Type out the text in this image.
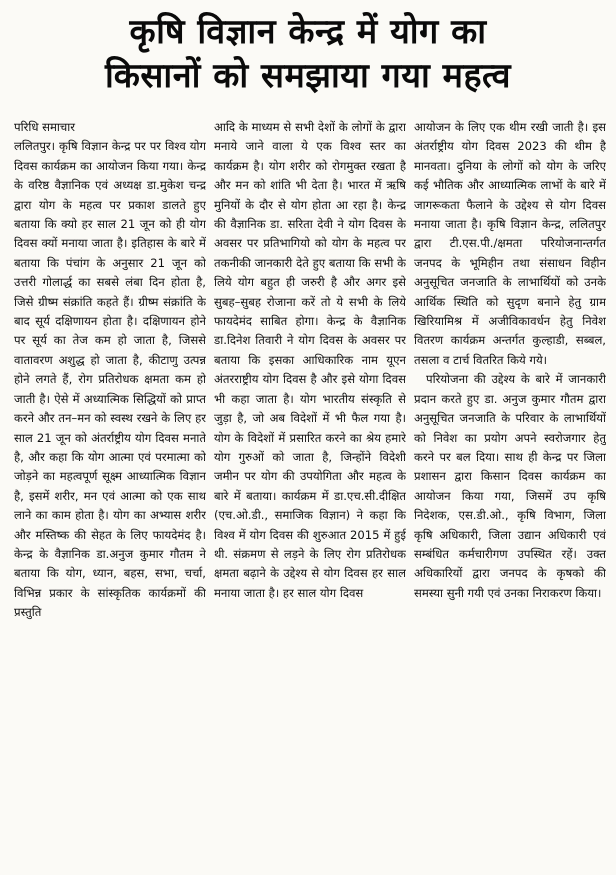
कृषि विज्ञान केन्द्र में योग का
किसानों को समझाया गया महत्व
परिधि समाचार

ललितपुर। कृषि विज्ञान केन्द्र पर पर विश्व योग दिवस कार्यक्रम का आयोजन किया गया। केन्द्र के वरिष्ठ वैज्ञानिक एवं अध्यक्ष डा.मुकेश चन्द्र द्वारा योग के महत्व पर प्रकाश डालते हुए बताया कि क्यो हर साल 21 जून को ही योग दिवस क्यों मनाया जाता है। इतिहास के बारे में बताया कि पंचांग के अनुसार 21 जून को उत्तरी गोलार्द्ध का सबसे लंबा दिन होता है, जिसे ग्रीष्म संक्रांति कहते हैं। ग्रीष्म संक्रांति के बाद सूर्य दक्षिणायन होता है। दक्षिणायन होने पर सूर्य का तेज कम हो जाता है, जिससे वातावरण अशुद्ध हो जाता है, कीटाणु उत्पन्न होने लगते हैं, रोग प्रतिरोधक क्षमता कम हो जाती है। ऐसे में अध्यात्मिक सिद्धियों को प्राप्त करने और तन–मन को स्वस्थ रखने के लिए हर साल 21 जून को अंतर्राष्ट्रीय योग दिवस मनाते है, और कहा कि योग आत्मा एवं परमात्मा को जोड़ने का महत्वपूर्ण सूक्ष्म आध्यात्मिक विज्ञान है, इसमें शरीर, मन एवं आत्मा को एक साथ लाने का काम होता है। योग का अभ्यास शरीर और मस्तिष्क की सेहत के लिए फायदेमंद है। केन्द्र के वैज्ञानिक डा.अनुज कुमार गौतम ने बताया कि योग, ध्यान, बहस, सभा, चर्चा, विभिन्न प्रकार के सांस्कृतिक कार्यक्रमों की प्रस्तुति

आदि के माध्यम से सभी देशों के लोगों के द्वारा मनाये जाने वाला ये एक विश्व स्तर का कार्यक्रम है। योग शरीर को रोगमुक्त रखता है और मन को शांति भी देता है। भारत में ऋषि मुनियों के दौर से योग होता आ रहा है। केन्द्र की वैज्ञानिक डा. सरिता देवी ने योग दिवस के अवसर पर प्रतिभागियो को योग के महत्व पर तकनीकी जानकारी देते हुए बताया कि सभी के लिये योग बहुत ही जरुरी है और अगर इसे सुबह–सुबह रोजाना करें तो ये सभी के लिये फायदेमंद साबित होगा। केन्द्र के वैज्ञानिक डा.दिनेश तिवारी ने योग दिवस के अवसर पर बताया कि इसका आधिकारिक नाम यूएन अंतरराष्ट्रीय योग दिवस है और इसे योगा दिवस भी कहा जाता है। योग भारतीय संस्कृति से जुड़ा है, जो अब विदेशों में भी फैल गया है। योग के विदेशों में प्रसारित करने का श्रेय हमारे योग गुरुओं को जाता है, जिन्होंने विदेशी जमीन पर योग की उपयोगिता और महत्व के बारे में बताया। कार्यक्रम में डा.एच.सी.दीक्षित (एच.ओ.डी., समाजिक विज्ञान) ने कहा कि विश्व में योग दिवस की शुरुआत 2015 में हुई थी. संक्रमण से लड़ने के लिए रोग प्रतिरोधक क्षमता बढ़ाने के उद्देश्य से योग दिवस हर साल मनाया जाता है। हर साल योग दिवस

आयोजन के लिए एक थीम रखी जाती है। इस अंतर्राष्ट्रीय योग दिवस 2023 की थीम है मानवता। दुनिया के लोगों को योग के जरिए कई भौतिक और आध्यात्मिक लाभों के बारे में जागरूकता फैलाने के उद्देश्य से योग दिवस मनाया जाता है। कृषि विज्ञान केन्द्र, ललितपुर द्वारा टी.एस.पी./क्षमता परियोजनान्तर्गत जनपद के भूमिहीन तथा संसाधन विहीन अनुसूचित जनजाति के लाभार्थियों को उनके आर्थिक स्थिति को सुदृण बनाने हेतु ग्राम खिरियामिश्र में अजीविकावर्धन हेतु निवेश वितरण कार्यक्रम अन्तर्गत कुल्हाडी, सब्बल, तसला व टार्च वितरित किये गये।

परियोजना की उद्देश्य के बारे में जानकारी प्रदान करते हुए डा. अनुज कुमार गौतम द्वारा अनुसूचित जनजाति के परिवार के लाभार्थियों को निवेश का प्रयोग अपने स्वरोजगार हेतु करने पर बल दिया। साथ ही केन्द्र पर जिला प्रशासन द्वारा किसान दिवस कार्यक्रम का आयोजन किया गया, जिसमें उप कृषि निदेशक, एस.डी.ओ., कृषि विभाग, जिला कृषि अधिकारी, जिला उद्यान अधिकारी एवं सम्बंधित कर्मचारीगण उपस्थित रहें। उक्त अधिकारियों द्वारा जनपद के कृषको की समस्या सुनी गयी एवं उनका निराकरण किया।
